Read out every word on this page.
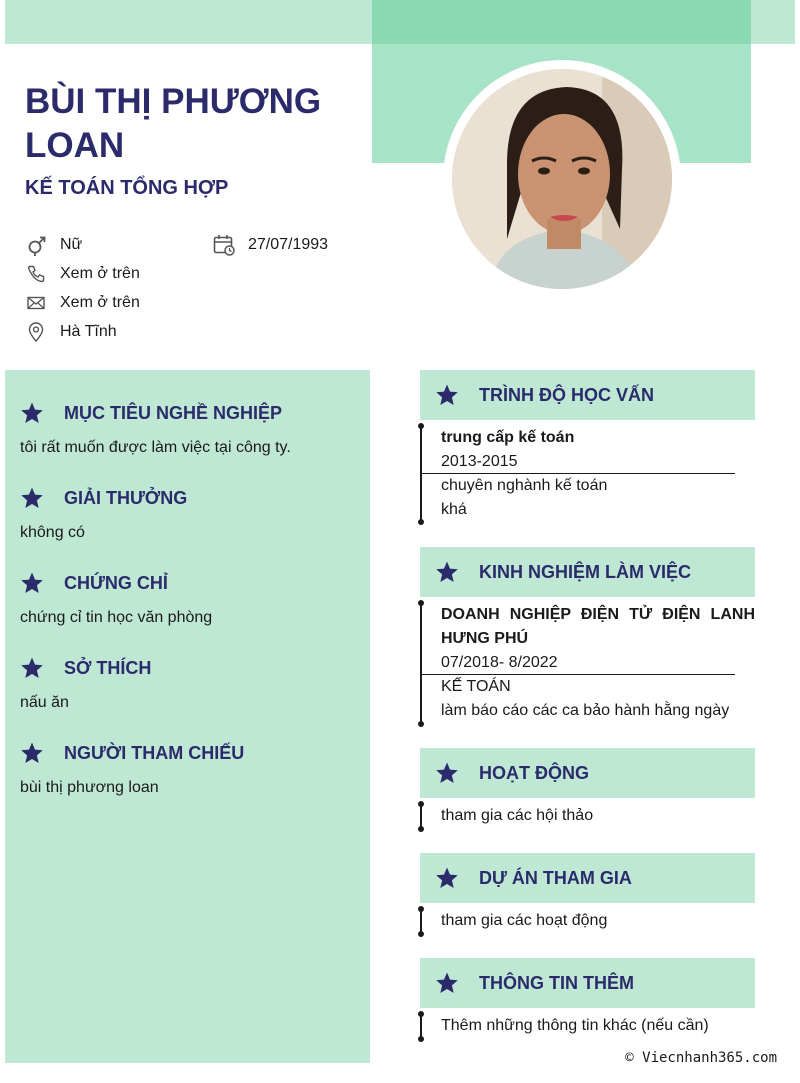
BÙI THỊ PHƯƠNG LOAN
KẾ TOÁN TỔNG HỢP
Nữ	27/07/1993
Xem ở trên
Xem ở trên
Hà Tĩnh
MỤC TIÊU NGHỀ NGHIỆP
tôi rất muốn được làm việc tại công ty.
GIẢI THƯỞNG
không có
CHỨNG CHỈ
chứng cỉ tin học văn phòng
SỞ THÍCH
nấu ăn
NGƯỜI THAM CHIẾU
bùi thị phương loan
TRÌNH ĐỘ HỌC VẤN
trung cấp kế toán
2013-2015
chuyên nghành kế toán
khá
KINH NGHIỆM LÀM VIỆC
DOANH NGHIỆP ĐIỆN TỬ ĐIỆN LANH
HƯNG PHÚ
07/2018- 8/2022
KẾ TOÁN
làm báo cáo các ca bảo hành hằng ngày
HOẠT ĐỘNG
tham gia các hội thảo
DỰ ÁN THAM GIA
tham gia các hoạt động
THÔNG TIN THÊM
Thêm những thông tin khác (nếu cần)
© Viecnhanh365.com
